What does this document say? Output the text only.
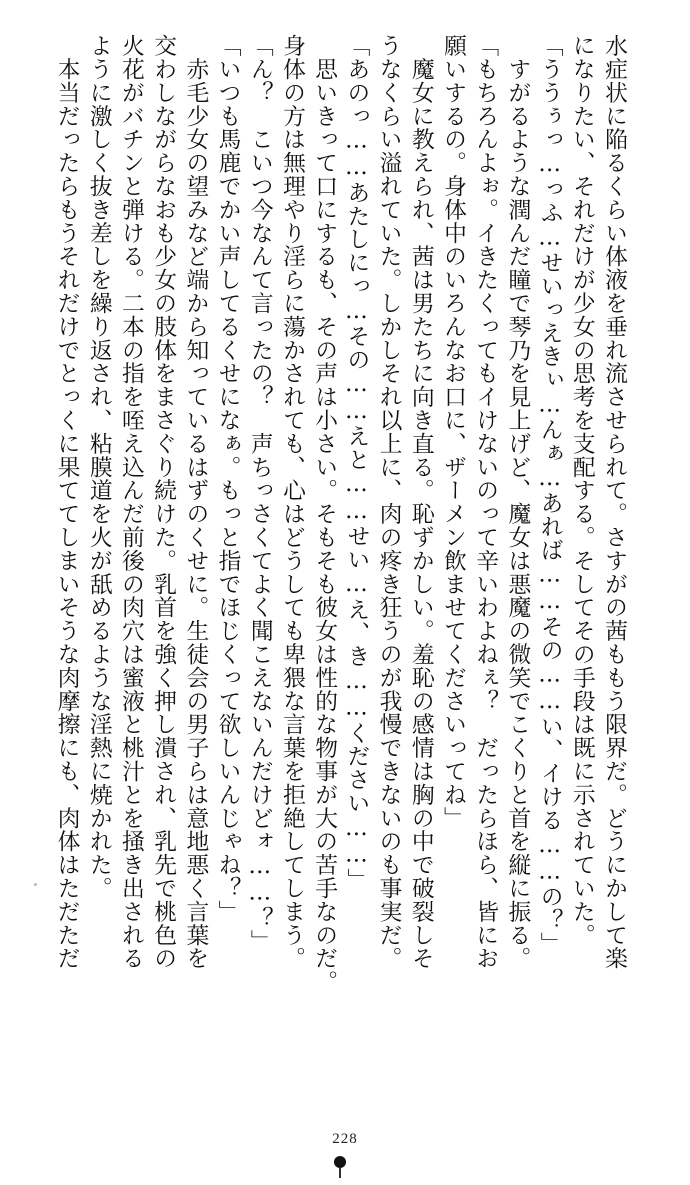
水症状に陥るくらい体液を垂れ流させられて。さすがの茜ももう限界だ。どうにかして楽

になりたい、それだけが少女の思考を支配する。そしてその手段は既に示されていた。

「ううぅっ…っふ…せいっえきぃ…んぁ…あれば……その……い、イける……の？」

　すがるような潤んだ瞳で琴乃を見上げど、魔女は悪魔の微笑でこくりと首を縦に振る。

「もちろんよぉ。イきたくってもイけないのって辛いわよねぇ？　だったらほら、皆にお

願いするの。身体中のいろんなお口に、ザーメン飲ませてくださいってね」

　魔女に教えられ、茜は男たちに向き直る。恥ずかしい。羞恥の感情は胸の中で破裂しそ

うなくらい溢れていた。しかしそれ以上に、肉の疼き狂うのが我慢できないのも事実だ。

「あのっ……あたしにっ…その……えと……せい…え、き……ください……」

　思いきって口にするも、その声は小さい。そもそも彼女は性的な物事が大の苦手なのだ。

身体の方は無理やり淫らに蕩かされても、心はどうしても卑猥な言葉を拒絶してしまう。

「ん？　こいつ今なんて言ったの？　声ちっさくてよく聞こえないんだけどォ……？」

「いつも馬鹿でかい声してるくせになぁ。もっと指でほじくって欲しいんじゃね？」

　赤毛少女の望みなど端から知っているはずのくせに。生徒会の男子らは意地悪く言葉を

交わしながらなおも少女の肢体をまさぐり続けた。乳首を強く押し潰され、乳先で桃色の

火花がバチンと弾ける。二本の指を咥え込んだ前後の肉穴は蜜液と桃汁とを掻き出される

ように激しく抜き差しを繰り返され、粘膜道を火が舐めるような淫熱に焼かれた。

　本当だったらもうそれだけでとっくに果ててしまいそうな肉摩擦にも、肉体はただただ

228
